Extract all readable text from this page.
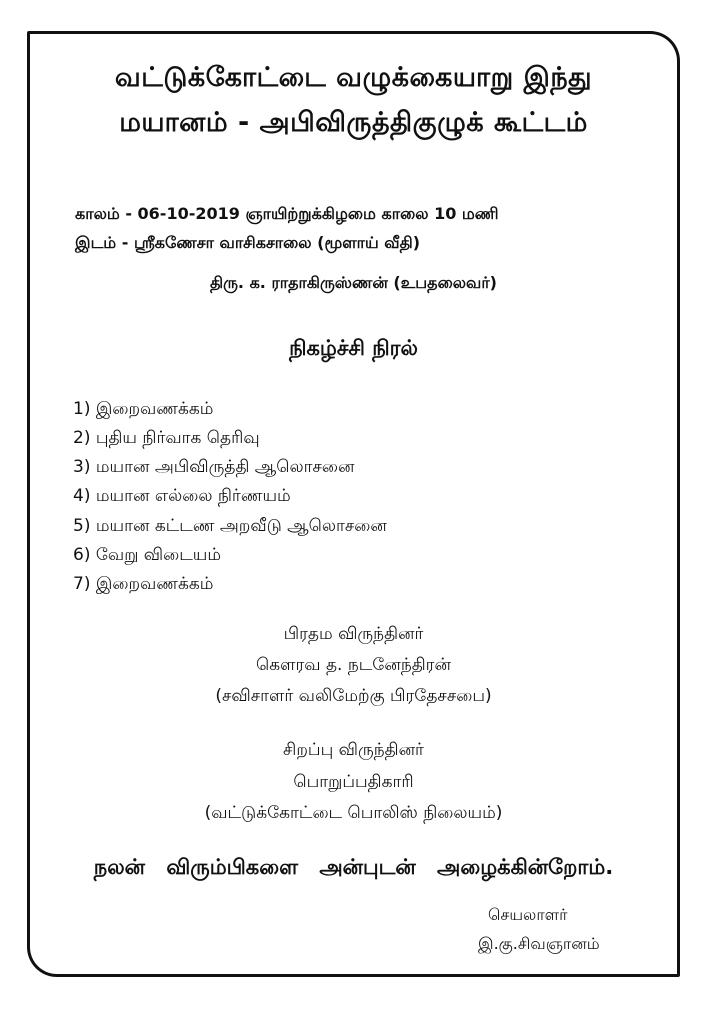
வட்டுக்கோட்டை வழுக்கையாறு இந்து
மயானம் - அபிவிருத்திகுழுக் கூட்டம்
காலம் - 06-10-2019 ஞாயிற்றுக்கிழமை காலை 10 மணி
இடம் - ஸ்ரீகணேசா வாசிகசாலை (மூளாய் வீதி)
திரு. க. ராதாகிருஸ்ணன் (உபதலைவர்)
நிகழ்ச்சி நிரல்
1) இறைவணக்கம்
2) புதிய நிர்வாக தெரிவு
3) மயான அபிவிருத்தி ஆலொசனை
4) மயான எல்லை நிர்ணயம்
5) மயான கட்டண அறவீடு ஆலொசனை
6) வேறு விடையம்
7) இறைவணக்கம்
பிரதம விருந்தினர்
கௌரவ த. நடனேந்திரன்
(சவிசாளர் வலிமேற்கு பிரதேசசபை)
சிறப்பு விருந்தினர்
பொறுப்பதிகாரி
(வட்டுக்கோட்டை பொலிஸ் நிலையம்)
நலன் விரும்பிகளை அன்புடன் அழைக்கின்றோம்.
செயலாளர்
இ.கு.சிவஞானம்
